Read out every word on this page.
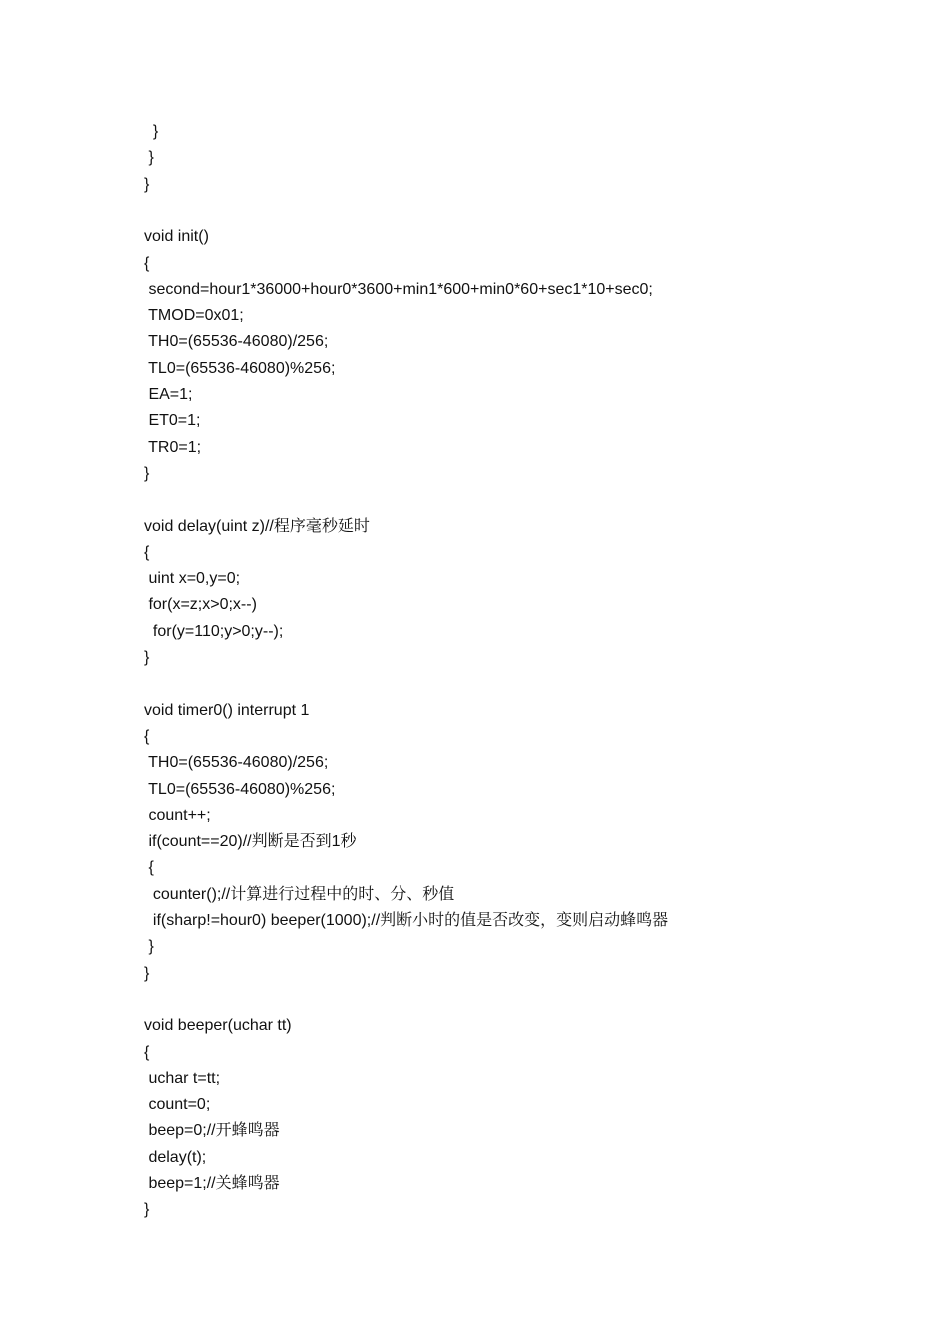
}

}

}

void init()

{

second=hour1*36000+hour0*3600+min1*600+min0*60+sec1*10+sec0;

TMOD=0x01;

TH0=(65536-46080)/256;

TL0=(65536-46080)%256;

EA=1;

ET0=1;

TR0=1;

}

void delay(uint z)//程序毫秒延时

{

uint x=0,y=0;

for(x=z;x>0;x--)

for(y=110;y>0;y--);

}

void timer0() interrupt 1

{

TH0=(65536-46080)/256;

TL0=(65536-46080)%256;

count++;

if(count==20)//判断是否到1秒

{

counter();//计算进行过程中的时、分、秒值

if(sharp!=hour0) beeper(1000);//判断小时的值是否改变，变则启动蜂鸣器

}

}

void beeper(uchar tt)

{

uchar t=tt;

count=0;

beep=0;//开蜂鸣器

delay(t);

beep=1;//关蜂鸣器

}
